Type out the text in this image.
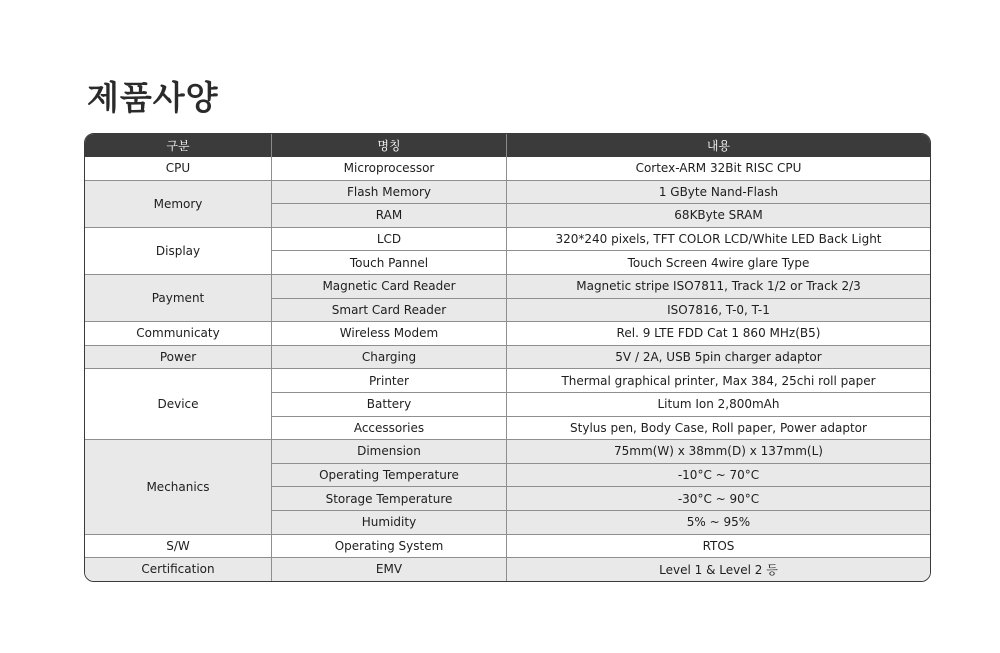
제품사양
구분	명칭	내용
CPU	Microprocessor	Cortex-ARM 32Bit RISC CPU
Memory	Flash Memory	1 GByte Nand-Flash
	RAM	68KByte SRAM
Display	LCD	320*240 pixels, TFT COLOR LCD/White LED Back Light
	Touch Pannel	Touch Screen 4wire glare Type
Payment	Magnetic Card Reader	Magnetic stripe ISO7811, Track 1/2 or Track 2/3
	Smart Card Reader	ISO7816, T-0, T-1
Communicaty	Wireless Modem	Rel. 9 LTE FDD Cat 1 860 MHz(B5)
Power	Charging	5V / 2A, USB 5pin charger adaptor
Device	Printer	Thermal graphical printer, Max 384, 25chi roll paper
	Battery	Litum Ion 2,800mAh
	Accessories	Stylus pen, Body Case, Roll paper, Power adaptor
Mechanics	Dimension	75mm(W) x 38mm(D) x 137mm(L)
	Operating Temperature	-10°C ~ 70°C
	Storage Temperature	-30°C ~ 90°C
	Humidity	5% ~ 95%
S/W	Operating System	RTOS
Certification	EMV	Level 1 & Level 2 등
